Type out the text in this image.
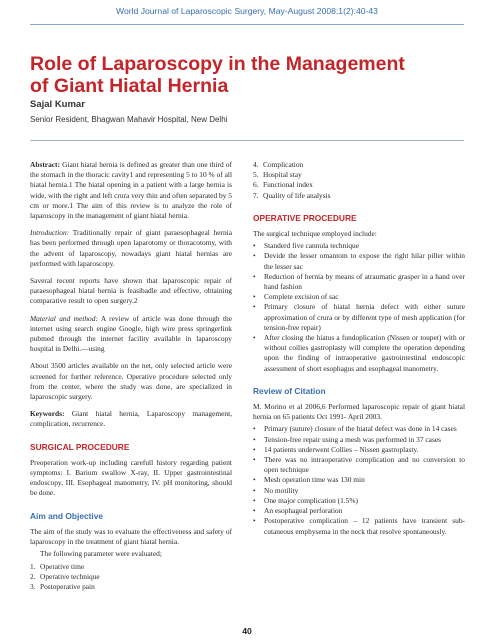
World Journal of Laparoscopic Surgery, May-August 2008;1(2):40-43
Role of Laparoscopy in the Management
of Giant Hiatal Hernia
Sajal Kumar
Senior Resident, Bhagwan Mahavir Hospital, New Delhi

Abstract: Giant hiatal hernia is defined as greater than one third of the stomach in the thoracic cavity1 and representing 5 to 10 % of all hiatal hernia.1 The hiatal opening in a patient with a large hernia is wide, with the right and left crura very thin and often separated by 5 cm or more.1 The aim of this review is to analyze the role of laparoscopy in the management of giant hiatal hernia.

Introduction: Traditionally repair of giant paraesophageal hernia has been performed through open laparotomy or thoracotomy, with the advent of laparoscopy, nowadays giant hiatal hernias are performed with laparoscopy.

Saveral recent reports have shown that laparoscopic repair of paraesophageal hiatal hernia is feasibadle and effective, obtaining comparative result to open surgery.2

Material and method: A review of article was done through the internet using search engine Google, high wire press springerlink pubmed through the internet facility available in laparoscopy hospital in Delhi.—using

About 3500 articles available on the net, only selected article were screened for further reference. Operative procedure selected only from the center, where the study was done, are specialized in laparoscopic surgery.

Keywords: Giant hiatal hernia, Laparoscopy management, complication, recurrence.

SURGICAL PROCEDURE

Preoperation work-up including carefull history regarding patient symptoms: I. Barium swallow X-ray, II. Upper gastrointestinal endoscopy, III. Esophageal manometry, IV. pH monitoring, should be done.

Aim and Objective

The aim of the study was to evaluate the effectiveness and safety of laparoscopy in the treatment of giant hiatal hernia.

The following parameter were evaluated;

1. Operative time
2. Operative technique
3. Postoperative pain
4. Complication
5. Hospital stay
6. Functional index
7. Quality of life analysis
OPERATIVE PROCEDURE

The surgical technique employed include:

•	Standerd five cannula technique
•	Devide the lesser omantom to expose the right hilar piller within the lesser sac
•	Reduction of hernia by means of atraumatic grasper in a hand over hand fashion
•	Complete excision of sac
•	Primary closure of hiatal hernia defect with either suture approximation of crura or by different type of mesh application (for tension-free repair)
•	After closing the hiatus a fundoplication (Nissen or toupet) with or without coilies gastroplasty will complete the operation depending upon the finding of intraoperative gastrointestinal endoscopic assessment of short esophagus and esophageal manometry.
Review of Citation

M. Morino et al 2006,6 Performed laparoscopic repair of giant hiatal hernia on 65 patients Oct 1991- April 2003.

•	Primary (suture) closure of the hiatal defect was done in 14 cases
•	Tension-free repair using a mesh was performed in 37 cases
•	14 patients underwent Collies – Nissen gastroplasty.
•	There was no intraoperative complication and no conversion to open technique
•	Mesh operation time was 130 min
•	No motility
•	One major complication (1.5%)
•	An esophageal perforation
•	Postoperative complication – 12 patients have transient sub-cutaneous emphysema in the neck that resolve spontaneously.
40
